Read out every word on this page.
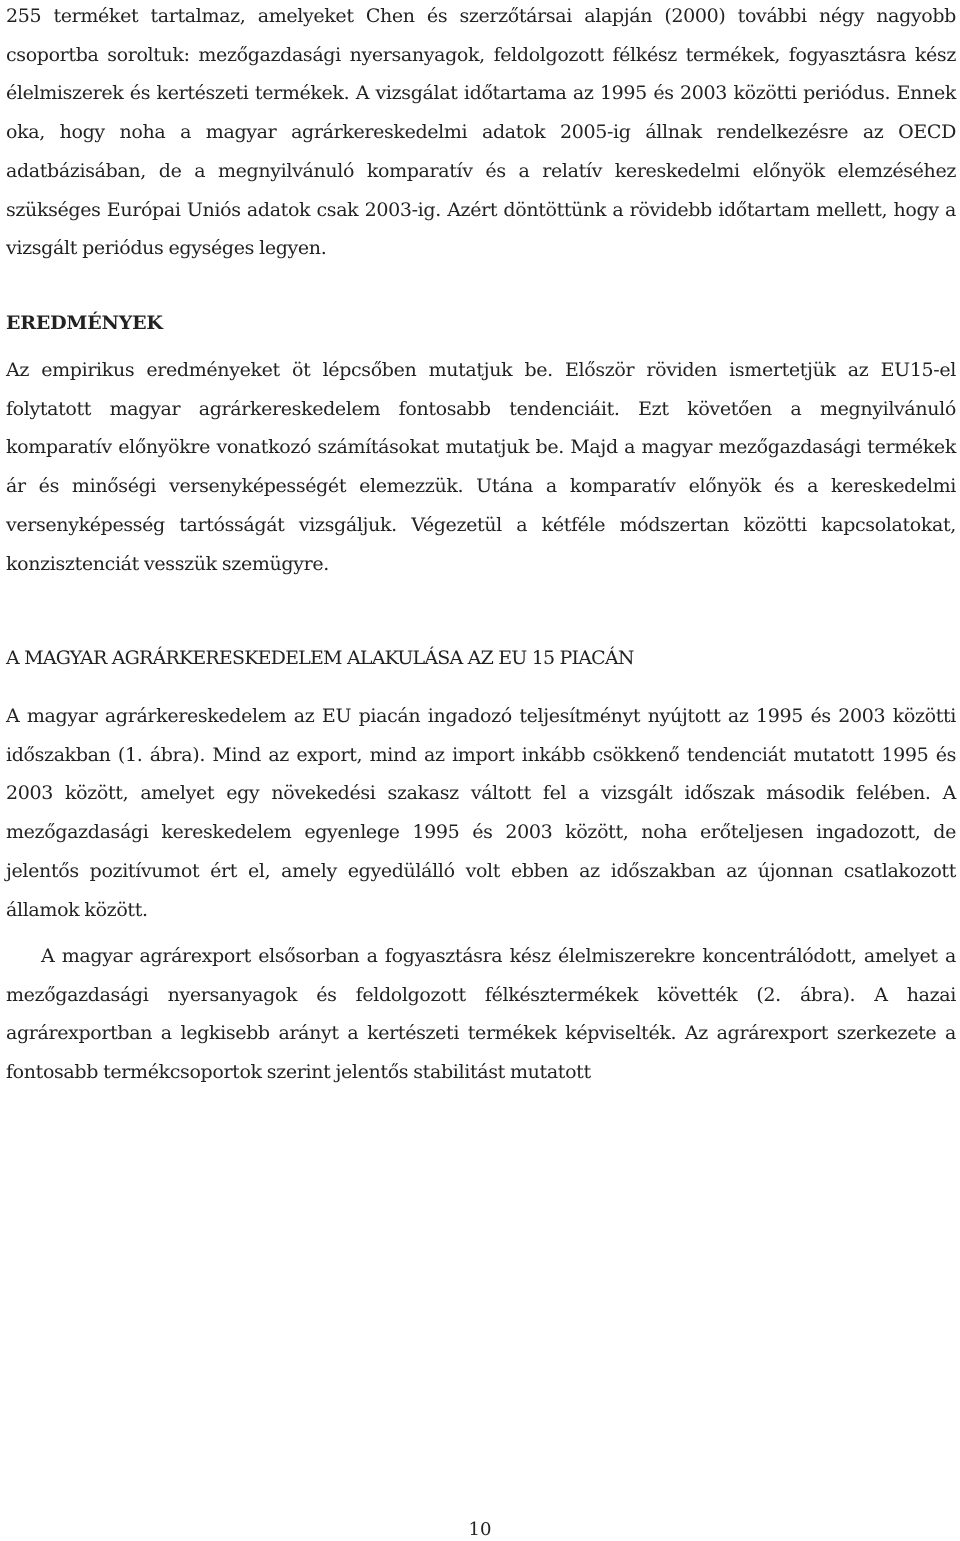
255 terméket tartalmaz, amelyeket Chen és szerzőtársai alapján (2000) további négy nagyobb csoportba soroltuk: mezőgazdasági nyersanyagok, feldolgozott félkész termékek, fogyasztásra kész élelmiszerek és kertészeti termékek. A vizsgálat időtartama az 1995 és 2003 közötti periódus. Ennek oka, hogy noha a magyar agrárkereskedelmi adatok 2005-ig állnak rendelkezésre az OECD adatbázisában, de a megnyilvánuló komparatív és a relatív kereskedelmi előnyök elemzéséhez szükséges Európai Uniós adatok csak 2003-ig. Azért döntöttünk a rövidebb időtartam mellett, hogy a vizsgált periódus egységes legyen.

EREDMÉNYEK

Az empirikus eredményeket öt lépcsőben mutatjuk be. Először röviden ismertetjük az EU15-el folytatott magyar agrárkereskedelem fontosabb tendenciáit. Ezt követően a megnyilvánuló komparatív előnyökre vonatkozó számításokat mutatjuk be. Majd a magyar mezőgazdasági termékek ár és minőségi versenyképességét elemezzük. Utána a komparatív előnyök és a kereskedelmi versenyképesség tartósságát vizsgáljuk. Végezetül a kétféle módszertan közötti kapcsolatokat, konzisztenciát vesszük szemügyre.

A MAGYAR AGRÁRKERESKEDELEM ALAKULÁSA AZ EU 15 PIACÁN

A magyar agrárkereskedelem az EU piacán ingadozó teljesítményt nyújtott az 1995 és 2003 közötti időszakban (1. ábra). Mind az export, mind az import inkább csökkenő tendenciát mutatott 1995 és 2003 között, amelyet egy növekedési szakasz váltott fel a vizsgált időszak második felében. A mezőgazdasági kereskedelem egyenlege 1995 és 2003 között, noha erőteljesen ingadozott, de jelentős pozitívumot ért el, amely egyedülálló volt ebben az időszakban az újonnan csatlakozott államok között.

A magyar agrárexport elsősorban a fogyasztásra kész élelmiszerekre koncentrálódott, amelyet a mezőgazdasági nyersanyagok és feldolgozott félkésztermékek követték (2. ábra). A hazai agrárexportban a legkisebb arányt a kertészeti termékek képviselték. Az agrárexport szerkezete a fontosabb termékcsoportok szerint jelentős stabilitást mutatott

10
